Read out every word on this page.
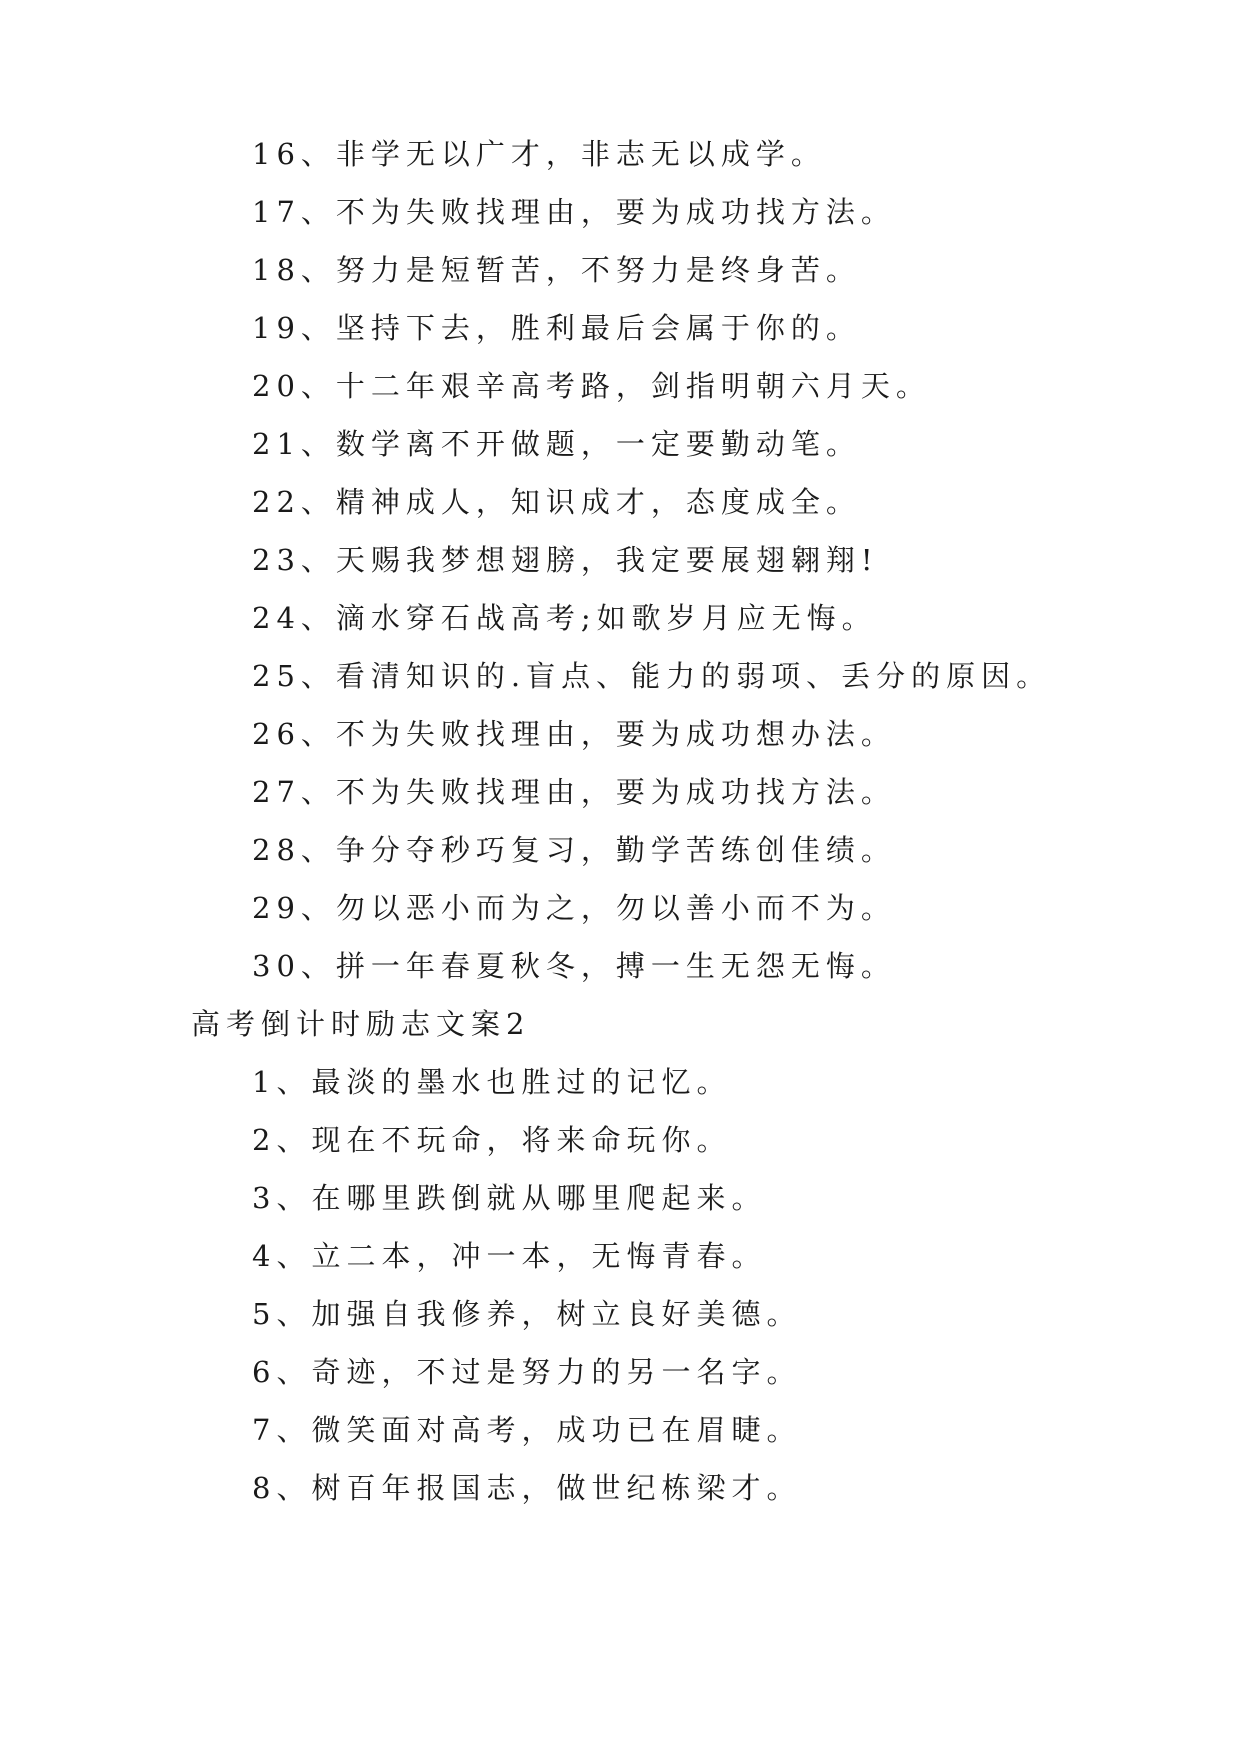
16、非学无以广才，非志无以成学。
17、不为失败找理由，要为成功找方法。
18、努力是短暂苦，不努力是终身苦。
19、坚持下去，胜利最后会属于你的。
20、十二年艰辛高考路，剑指明朝六月天。
21、数学离不开做题，一定要勤动笔。
22、精神成人，知识成才，态度成全。
23、天赐我梦想翅膀，我定要展翅翱翔!
24、滴水穿石战高考;如歌岁月应无悔。
25、看清知识的.盲点、能力的弱项、丢分的原因。
26、不为失败找理由，要为成功想办法。
27、不为失败找理由，要为成功找方法。
28、争分夺秒巧复习，勤学苦练创佳绩。
29、勿以恶小而为之，勿以善小而不为。
30、拼一年春夏秋冬，搏一生无怨无悔。
高考倒计时励志文案2
1、最淡的墨水也胜过的记忆。
2、现在不玩命，将来命玩你。
3、在哪里跌倒就从哪里爬起来。
4、立二本，冲一本，无悔青春。
5、加强自我修养，树立良好美德。
6、奇迹，不过是努力的另一名字。
7、微笑面对高考，成功已在眉睫。
8、树百年报国志，做世纪栋梁才。
